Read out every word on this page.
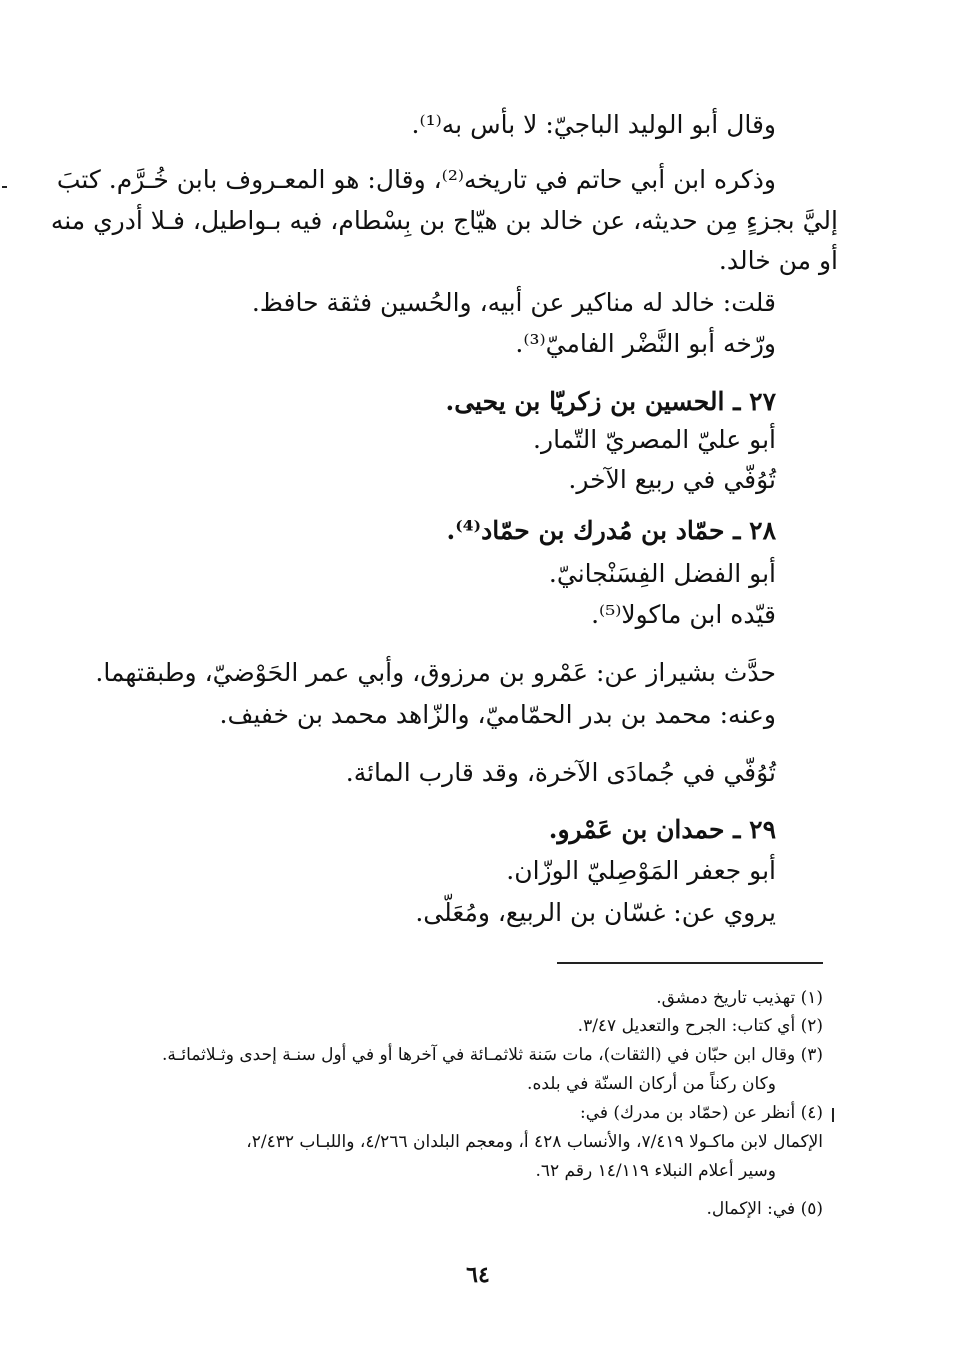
وقال أبو الوليد الباجيّ: لا بأس به⁽¹⁾.
وذكره ابن أبي حاتم في تاريخه⁽²⁾، وقال: هو المعـروف بابن خُـرَّم. كتبَ
إليَّ بجزءٍ مِن حديثه، عن خالد بن هيّاج بن بِسْطام، فيه بـواطيل، فـلا أدري منه
أو من خالد.
قلت: خالد له مناكير عن أبيه، والحُسين فثقة حافظ.
ورّخه أبو النَّضْر الفاميّ⁽³⁾.
٢٧ ـ الحسين بن زكريّا بن يحيى.
أبو عليّ المصريّ التّمار.
تُوُفّي في ربيع الآخر.
٢٨ ـ حمّاد بن مُدرك بن حمّاد⁽⁴⁾.
أبو الفضل الفِسَنْجانيّ.
قيّده ابن ماكولا⁽⁵⁾.
حدَّث بشيراز عن: عَمْرو بن مرزوق، وأبي عمر الحَوْضيّ، وطبقتهما.
وعنه: محمد بن بدر الحمّاميّ، والزّاهد محمد بن خفيف.
تُوُفّي في جُمادَى الآخرة، وقد قارب المائة.
٢٩ ـ حمدان بن عَمْرو.
أبو جعفر المَوْصِليّ الوزّان.
يروي عن: غسّان بن الربيع، ومُعَلّى.
(١) تهذيب تاريخ دمشق.
(٢) أي كتاب: الجرح والتعديل ٣/٤٧.
(٣) وقال ابن حبّان في (الثقات)، مات سَنة ثلاثمـائة في آخرها أو في أول سنـة إحدى وثـلاثمائـة.
وكان ركناً من أركان السنّة في بلده.
(٤) أنظر عن (حمّاد بن مدرك) في:
الإكمال لابن ماكـولا ٧/٤١٩، والأنساب ٤٢٨ أ، ومعجم البلدان ٤/٢٦٦، واللبـاب ٢/٤٣٢،
وسير أعلام النبلاء ١٤/١١٩ رقم ٦٢.
(٥) في: الإكمال.
٦٤
